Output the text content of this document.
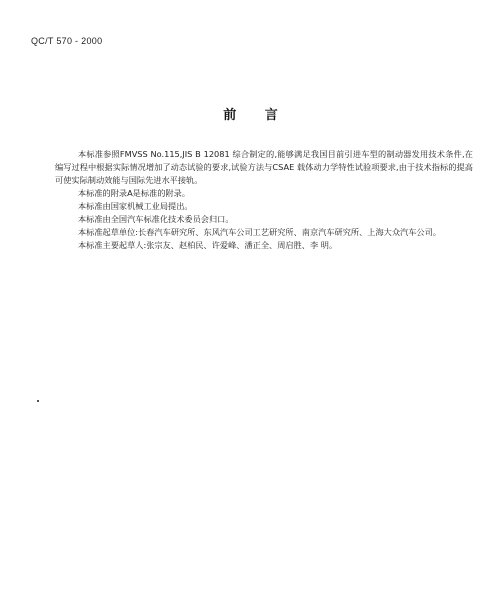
QC/T 570 - 2000
前 言

本标准参照FMVSS No.115,JIS B 12081 综合制定的,能够满足我国目前引进车型的制动器发用技术条件,在编写过程中根据实际情况增加了动态试验的要求,试验方法与CSAE 载体动力学特性试验项要求,由于技术指标的提高可使实际制动效能与国际先进水平接轨。

本标准的附录A是标准的附录。

本标准由国家机械工业局提出。

本标准由全国汽车标准化技术委员会归口。

本标准起草单位:长春汽车研究所、东风汽车公司工艺研究所、南京汽车研究所、上海大众汽车公司。

本标准主要起草人:张宗友、赵柏民、许爱峰、潘正全、周启胜、李 明。
